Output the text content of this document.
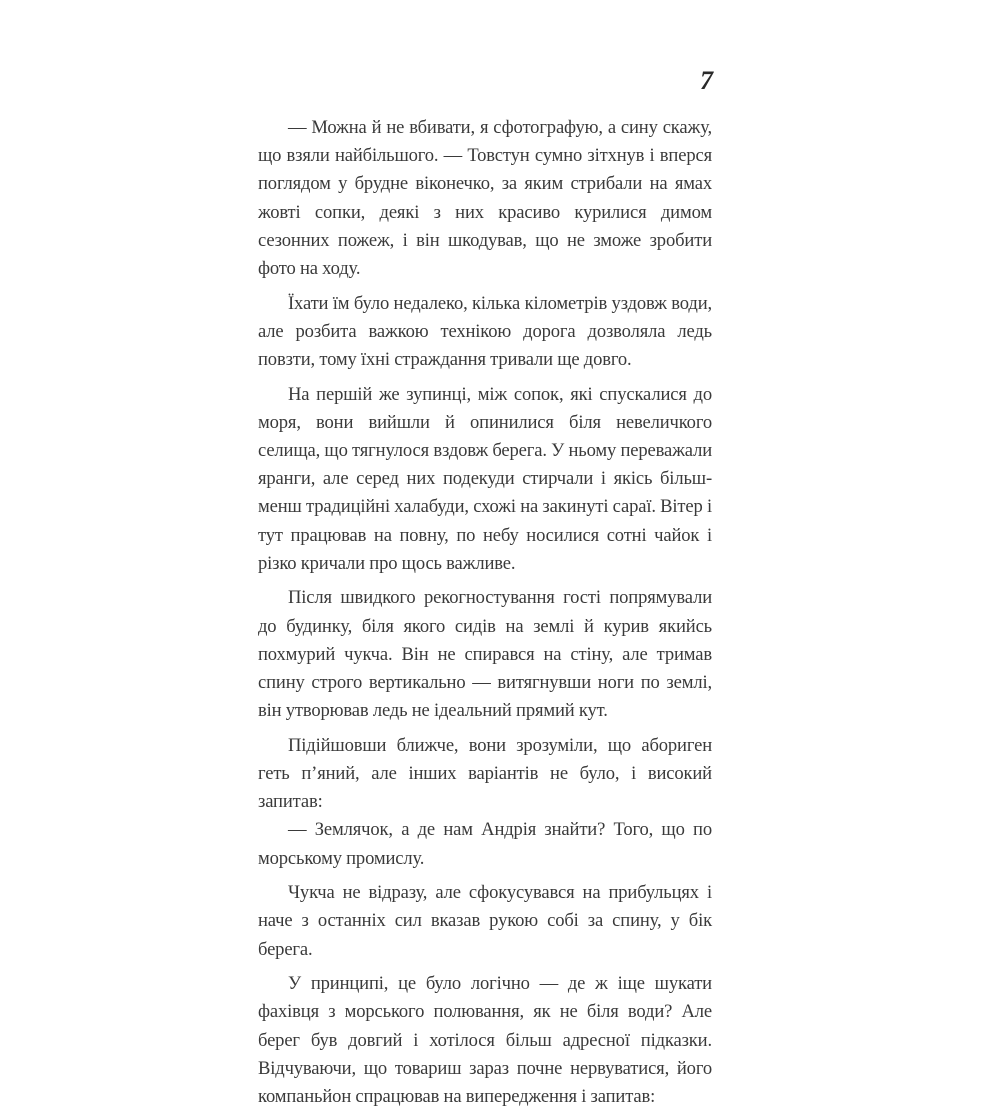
7

— Можна й не вбивати, я сфотографую, а сину скажу, що взяли найбільшого. — Товстун сумно зітхнув і вперся поглядом у брудне віконечко, за яким стрибали на ямах жовті сопки, деякі з них красиво курилися димом сезонних пожеж, і він шкодував, що не зможе зробити фото на ходу.

Їхати їм було недалеко, кілька кілометрів уздовж води, але розбита важкою технікою дорога дозволяла ледь повзти, тому їхні страждання тривали ще довго.

На першій же зупинці, між сопок, які спускалися до моря, вони вийшли й опинилися біля невеличкого селища, що тягнулося вздовж берега. У ньому переважали яранги, але серед них подекуди стирчали і якісь більш-менш традиційні халабуди, схожі на закинуті сараї. Вітер і тут працював на повну, по небу носилися сотні чайок і різко кричали про щось важливе.

Після швидкого рекогностування гості попрямували до будинку, біля якого сидів на землі й курив якийсь похмурий чукча. Він не спирався на стіну, але тримав спину строго вертикально — витягнувши ноги по землі, він утворював ледь не ідеальний прямий кут.

Підійшовши ближче, вони зрозуміли, що абориген геть п’яний, але інших варіантів не було, і високий запитав:

— Землячок, а де нам Андрія знайти? Того, що по морському промислу.

Чукча не відразу, але сфокусувався на прибульцях і наче з останніх сил вказав рукою собі за спину, у бік берега.

У принципі, це було логічно — де ж іще шукати фахівця з морського полювання, як не біля води? Але берег був довгий і хотілося більш адресної підказки. Відчуваючи, що товариш зараз почне нервуватися, його компаньйон спрацював на випередження і запитав:
